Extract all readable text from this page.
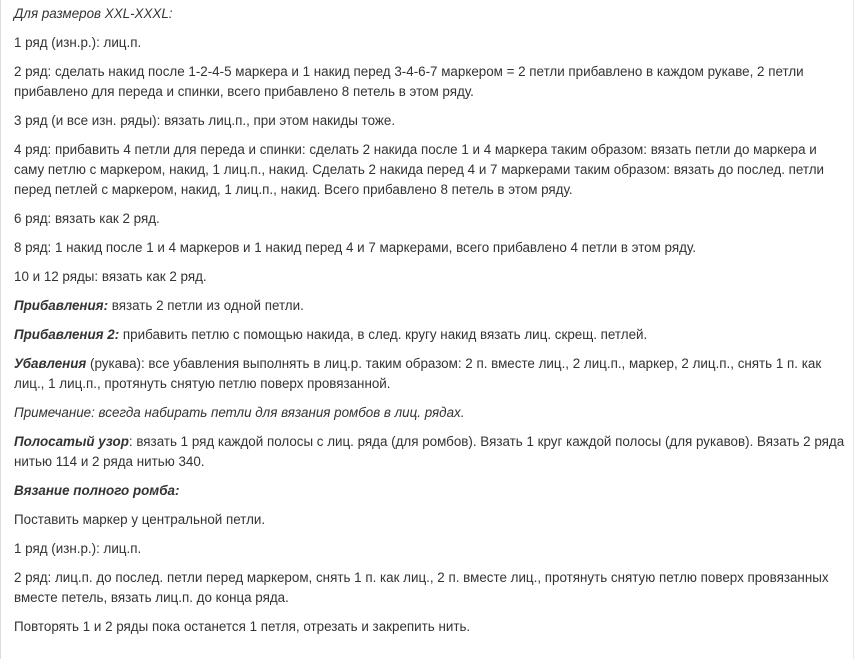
Для размеров XXL-XXXL:

1 ряд (изн.р.): лиц.п.

2 ряд: сделать накид после 1-2-4-5 маркера и 1 накид перед 3-4-6-7 маркером = 2 петли прибавлено в каждом рукаве, 2 петли прибавлено для переда и спинки, всего прибавлено 8 петель в этом ряду.

3 ряд (и все изн. ряды): вязать лиц.п., при этом накиды тоже.

4 ряд: прибавить 4 петли для переда и спинки: сделать 2 накида после 1 и 4 маркера таким образом: вязать петли до маркера и саму петлю с маркером, накид, 1 лиц.п., накид. Сделать 2 накида перед 4 и 7 маркерами таким образом: вязать до послед. петли перед петлей с маркером, накид, 1 лиц.п., накид. Всего прибавлено 8 петель в этом ряду.

6 ряд: вязать как 2 ряд.

8 ряд: 1 накид после 1 и 4 маркеров и 1 накид перед 4 и 7 маркерами, всего прибавлено 4 петли в этом ряду.

10 и 12 ряды: вязать как 2 ряд.

Прибавления: вязать 2 петли из одной петли.

Прибавления 2: прибавить петлю с помощью накида, в след. кругу накид вязать лиц. скрещ. петлей.

Убавления (рукава): все убавления выполнять в лиц.р. таким образом: 2 п. вместе лиц., 2 лиц.п., маркер, 2 лиц.п., снять 1 п. как лиц., 1 лиц.п., протянуть снятую петлю поверх провязанной.

Примечание: всегда набирать петли для вязания ромбов в лиц. рядах.

Полосатый узор: вязать 1 ряд каждой полосы с лиц. ряда (для ромбов). Вязать 1 круг каждой полосы (для рукавов). Вязать 2 ряда нитью 114 и 2 ряда нитью 340.

Вязание полного ромба:

Поставить маркер у центральной петли.

1 ряд (изн.р.): лиц.п.

2 ряд: лиц.п. до послед. петли перед маркером, снять 1 п. как лиц., 2 п. вместе лиц., протянуть снятую петлю поверх провязанных вместе петель, вязать лиц.п. до конца ряда.

Повторять 1 и 2 ряды пока останется 1 петля, отрезать и закрепить нить.
